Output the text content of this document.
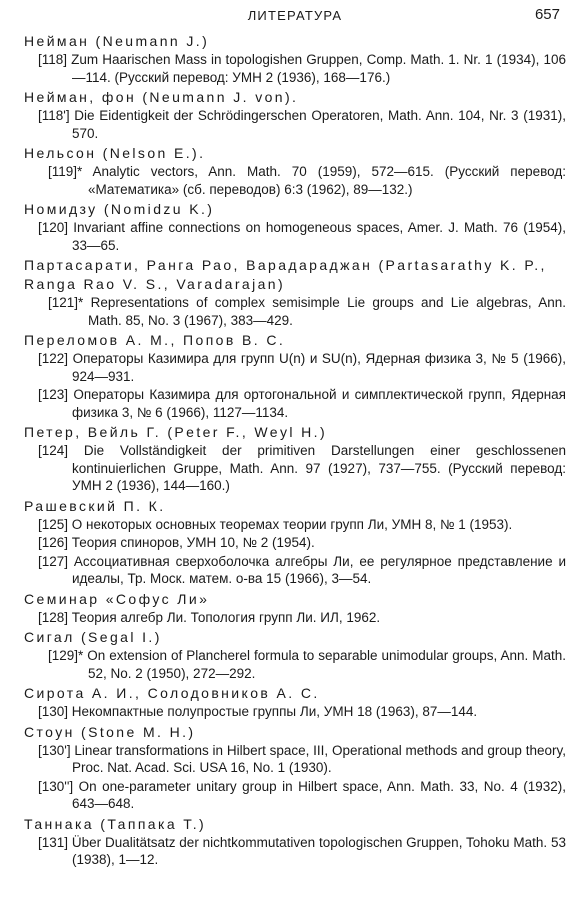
ЛИТЕРАТУРА	657
Нейман (Neumann J.)
[118] Zum Haarischen Mass in topologishen Gruppen, Comp. Math. 1. Nr. 1 (1934), 106—114. (Русский перевод: УМН 2 (1936), 168—176.)
Нейман, фон (Neumann J. von).
[118'] Die Eidentigkeit der Schrödingerschen Operatoren, Math. Ann. 104, Nr. 3 (1931), 570.
Нельсон (Nelson E.).
[119]* Analytic vectors, Ann. Math. 70 (1959), 572—615. (Русский перевод: «Математика» (сб. переводов) 6:3 (1962), 89—132.)
Номидзу (Nomidzu K.)
[120] Invariant affine connections on homogeneous spaces, Amer. J. Math. 76 (1954), 33—65.
Партасарати, Ранга Рао, Варадараджан (Partasarathy K. P., Ranga Rao V. S., Varadarajan)
[121]* Representations of complex semisimple Lie groups and Lie algebras, Ann. Math. 85, No. 3 (1967), 383—429.
Переломов А. М., Попов В. С.
[122] Операторы Казимира для групп U(n) и SU(n), Ядерная физика 3, № 5 (1966), 924—931.
[123] Операторы Казимира для ортогональной и симплектической групп, Ядерная физика 3, № 6 (1966), 1127—1134.
Петер, Вейль Г. (Peter F., Weyl H.)
[124] Die Vollständigkeit der primitiven Darstellungen einer geschlossenen kontinuierlichen Gruppe, Math. Ann. 97 (1927), 737—755. (Русский перевод: УМН 2 (1936), 144—160.)
Рашевский П. К.
[125] О некоторых основных теоремах теории групп Ли, УМН 8, № 1 (1953).
[126] Теория спиноров, УМН 10, № 2 (1954).
[127] Ассоциативная сверхоболочка алгебры Ли, ее регулярное представление и идеалы, Тр. Моск. матем. о-ва 15 (1966), 3—54.
Семинар «Софус Ли»
[128] Теория алгебр Ли. Топология групп Ли. ИЛ, 1962.
Сигал (Segal I.)
[129]* On extension of Plancherel formula to separable unimodular groups, Ann. Math. 52, No. 2 (1950), 272—292.
Сирота А. И., Солодовников А. С.
[130] Некомпактные полупростые группы Ли, УМН 18 (1963), 87—144.
Стоун (Stone M. H.)
[130'] Linear transformations in Hilbert space, III, Operational methods and group theory, Proc. Nat. Acad. Sci. USA 16, No. 1 (1930).
[130''] On one-parameter unitary group in Hilbert space, Ann. Math. 33, No. 4 (1932), 643—648.
Таннака (Таппака Т.)
[131] Über Dualitätsatz der nichtkommutativen topologischen Gruppen, Tohoku Math. 53 (1938), 1—12.
